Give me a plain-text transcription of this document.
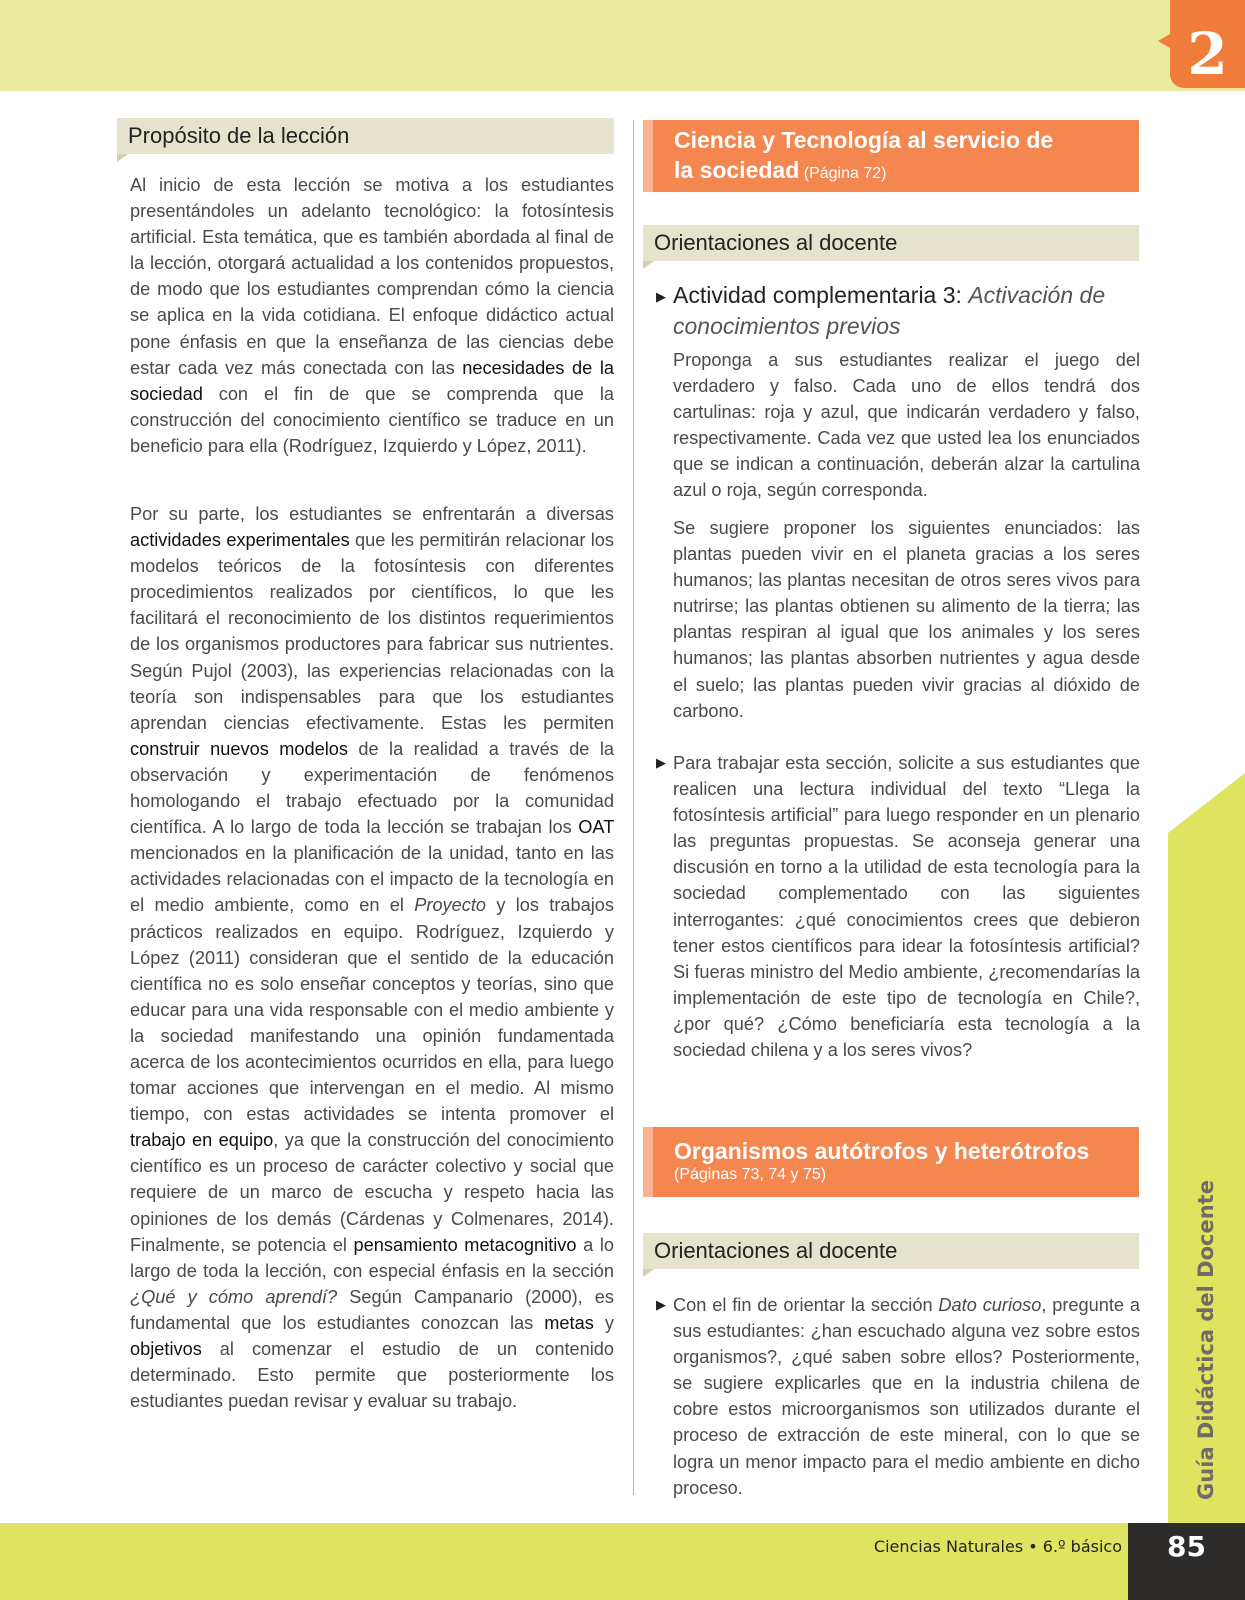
2
Guía Didáctica del Docente
Propósito de la lección

Al inicio de esta lección se motiva a los estudiantes presentándoles un adelanto tecnológico: la fotosíntesis artificial. Esta temática, que es también abordada al final de la lección, otorgará actualidad a los contenidos propuestos, de modo que los estudiantes comprendan cómo la ciencia se aplica en la vida cotidiana. El enfoque didáctico actual pone énfasis en que la enseñanza de las ciencias debe estar cada vez más conectada con las necesidades de la sociedad con el fin de que se comprenda que la construcción del conocimiento científico se traduce en un beneficio para ella (Rodríguez, Izquierdo y López, 2011).

Por su parte, los estudiantes se enfrentarán a diversas actividades experimentales que les permitirán relacionar los modelos teóricos de la fotosíntesis con diferentes procedimientos realizados por científicos, lo que les facilitará el reconocimiento de los distintos requerimientos de los organismos productores para fabricar sus nutrientes. Según Pujol (2003), las experiencias relacionadas con la teoría son indispensables para que los estudiantes aprendan ciencias efectivamente. Estas les permiten construir nuevos modelos de la realidad a través de la observación y experimentación de fenómenos homologando el trabajo efectuado por la comunidad científica. A lo largo de toda la lección se trabajan los OAT mencionados en la planificación de la unidad, tanto en las actividades relacionadas con el impacto de la tecnología en el medio ambiente, como en el Proyecto y los trabajos prácticos realizados en equipo. Rodríguez, Izquierdo y López (2011) consideran que el sentido de la educación científica no es solo enseñar conceptos y teorías, sino que educar para una vida responsable con el medio ambiente y la sociedad manifestando una opinión fundamentada acerca de los acontecimientos ocurridos en ella, para luego tomar acciones que intervengan en el medio. Al mismo tiempo, con estas actividades se intenta promover el trabajo en equipo, ya que la construcción del conocimiento científico es un proceso de carácter colectivo y social que requiere de un marco de escucha y respeto hacia las opiniones de los demás (Cárdenas y Colmenares, 2014). Finalmente, se potencia el pensamiento metacognitivo a lo largo de toda la lección, con especial énfasis en la sección ¿Qué y cómo aprendí? Según Campanario (2000), es fundamental que los estudiantes conozcan las metas y objetivos al comenzar el estudio de un contenido determinado. Esto permite que posteriormente los estudiantes puedan revisar y evaluar su trabajo.

Ciencia y Tecnología al servicio de
la sociedad (Página 72)
Orientaciones al docente
▶ Actividad complementaria 3: Activación de
conocimientos previos

Proponga a sus estudiantes realizar el juego del verdadero y falso. Cada uno de ellos tendrá dos cartulinas: roja y azul, que indicarán verdadero y falso, respectivamente. Cada vez que usted lea los enunciados que se indican a continuación, deberán alzar la cartulina azul o roja, según corresponda.

Se sugiere proponer los siguientes enunciados: las plantas pueden vivir en el planeta gracias a los seres humanos; las plantas necesitan de otros seres vivos para nutrirse; las plantas obtienen su alimento de la tierra; las plantas respiran al igual que los animales y los seres humanos; las plantas absorben nutrientes y agua desde el suelo; las plantas pueden vivir gracias al dióxido de carbono.

▶ Para trabajar esta sección, solicite a sus estudiantes que realicen una lectura individual del texto “Llega la fotosíntesis artificial” para luego responder en un plenario las preguntas propuestas. Se aconseja generar una discusión en torno a la utilidad de esta tecnología para la sociedad complementado con las siguientes interrogantes: ¿qué conocimientos crees que debieron tener estos científicos para idear la fotosíntesis artificial? Si fueras ministro del Medio ambiente, ¿recomendarías la implementación de este tipo de tecnología en Chile?, ¿por qué? ¿Cómo beneficiaría esta tecnología a la sociedad chilena y a los seres vivos?

Organismos autótrofos y heterótrofos
(Páginas 73, 74 y 75)
Orientaciones al docente
▶ Con el fin de orientar la sección Dato curioso, pregunte a sus estudiantes: ¿han escuchado alguna vez sobre estos organismos?, ¿qué saben sobre ellos? Posteriormente, se sugiere explicarles que en la industria chilena de cobre estos microorganismos son utilizados durante el proceso de extracción de este mineral, con lo que se logra un menor impacto para el medio ambiente en dicho proceso.

Ciencias Naturales • 6.º básico	85
